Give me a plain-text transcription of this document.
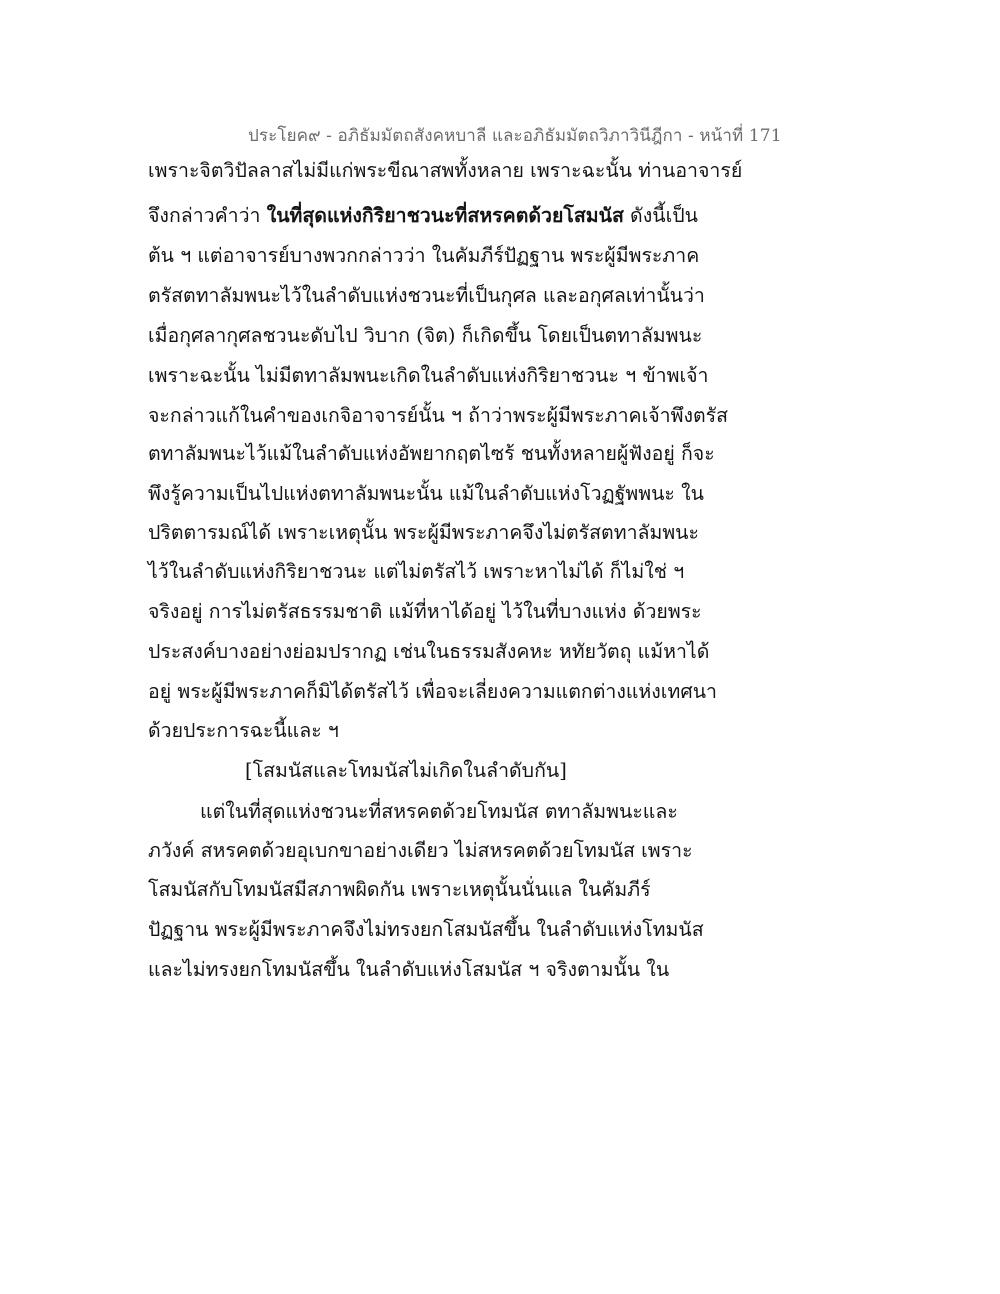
ประโยค๙ - อภิธัมมัตถสังคหบาลี และอภิธัมมัตถวิภาวินีฎีกา - หน้าที่ 171
เพราะจิตวิปัลลาสไม่มีแก่พระขีณาสพทั้งหลาย เพราะฉะนั้น ท่านอาจารย์
จึงกล่าวคำว่า ในที่สุดแห่งกิริยาชวนะที่สหรคตด้วยโสมนัส ดังนี้เป็น
ต้น ฯ แต่อาจารย์บางพวกกล่าวว่า ในคัมภีร์ปัฏฐาน พระผู้มีพระภาค
ตรัสตทาลัมพนะไว้ในลำดับแห่งชวนะที่เป็นกุศล และอกุศลเท่านั้นว่า
เมื่อกุศลากุศลชวนะดับไป วิบาก (จิต) ก็เกิดขึ้น โดยเป็นตทาลัมพนะ
เพราะฉะนั้น ไม่มีตทาลัมพนะเกิดในลำดับแห่งกิริยาชวนะ ฯ ข้าพเจ้า
จะกล่าวแก้ในคำของเกจิอาจารย์นั้น ฯ ถ้าว่าพระผู้มีพระภาคเจ้าพึงตรัส
ตทาลัมพนะไว้แม้ในลำดับแห่งอัพยากฤตไซร้ ชนทั้งหลายผู้ฟังอยู่ ก็จะ
พึงรู้ความเป็นไปแห่งตทาลัมพนะนั้น แม้ในลำดับแห่งโวฏฐัพพนะ ใน
ปริตตารมณ์ได้ เพราะเหตุนั้น พระผู้มีพระภาคจึงไม่ตรัสตทาลัมพนะ
ไว้ในลำดับแห่งกิริยาชวนะ แต่ไม่ตรัสไว้ เพราะหาไม่ได้ ก็ไม่ใช่ ฯ
จริงอยู่ การไม่ตรัสธรรมชาติ แม้ที่หาได้อยู่ ไว้ในที่บางแห่ง ด้วยพระ
ประสงค์บางอย่างย่อมปรากฏ เช่นในธรรมสังคหะ หทัยวัตถุ แม้หาได้
อยู่ พระผู้มีพระภาคก็มิได้ตรัสไว้ เพื่อจะเลี่ยงความแตกต่างแห่งเทศนา
ด้วยประการฉะนี้และ ฯ
[โสมนัสและโทมนัสไม่เกิดในลำดับกัน]
แต่ในที่สุดแห่งชวนะที่สหรคตด้วยโทมนัส ตทาลัมพนะและ
ภวังค์ สหรคตด้วยอุเบกขาอย่างเดียว ไม่สหรคตด้วยโทมนัส เพราะ
โสมนัสกับโทมนัสมีสภาพผิดกัน เพราะเหตุนั้นนั่นแล ในคัมภีร์
ปัฏฐาน พระผู้มีพระภาคจึงไม่ทรงยกโสมนัสขึ้น ในลำดับแห่งโทมนัส
และไม่ทรงยกโทมนัสขึ้น ในลำดับแห่งโสมนัส ฯ จริงตามนั้น ใน
